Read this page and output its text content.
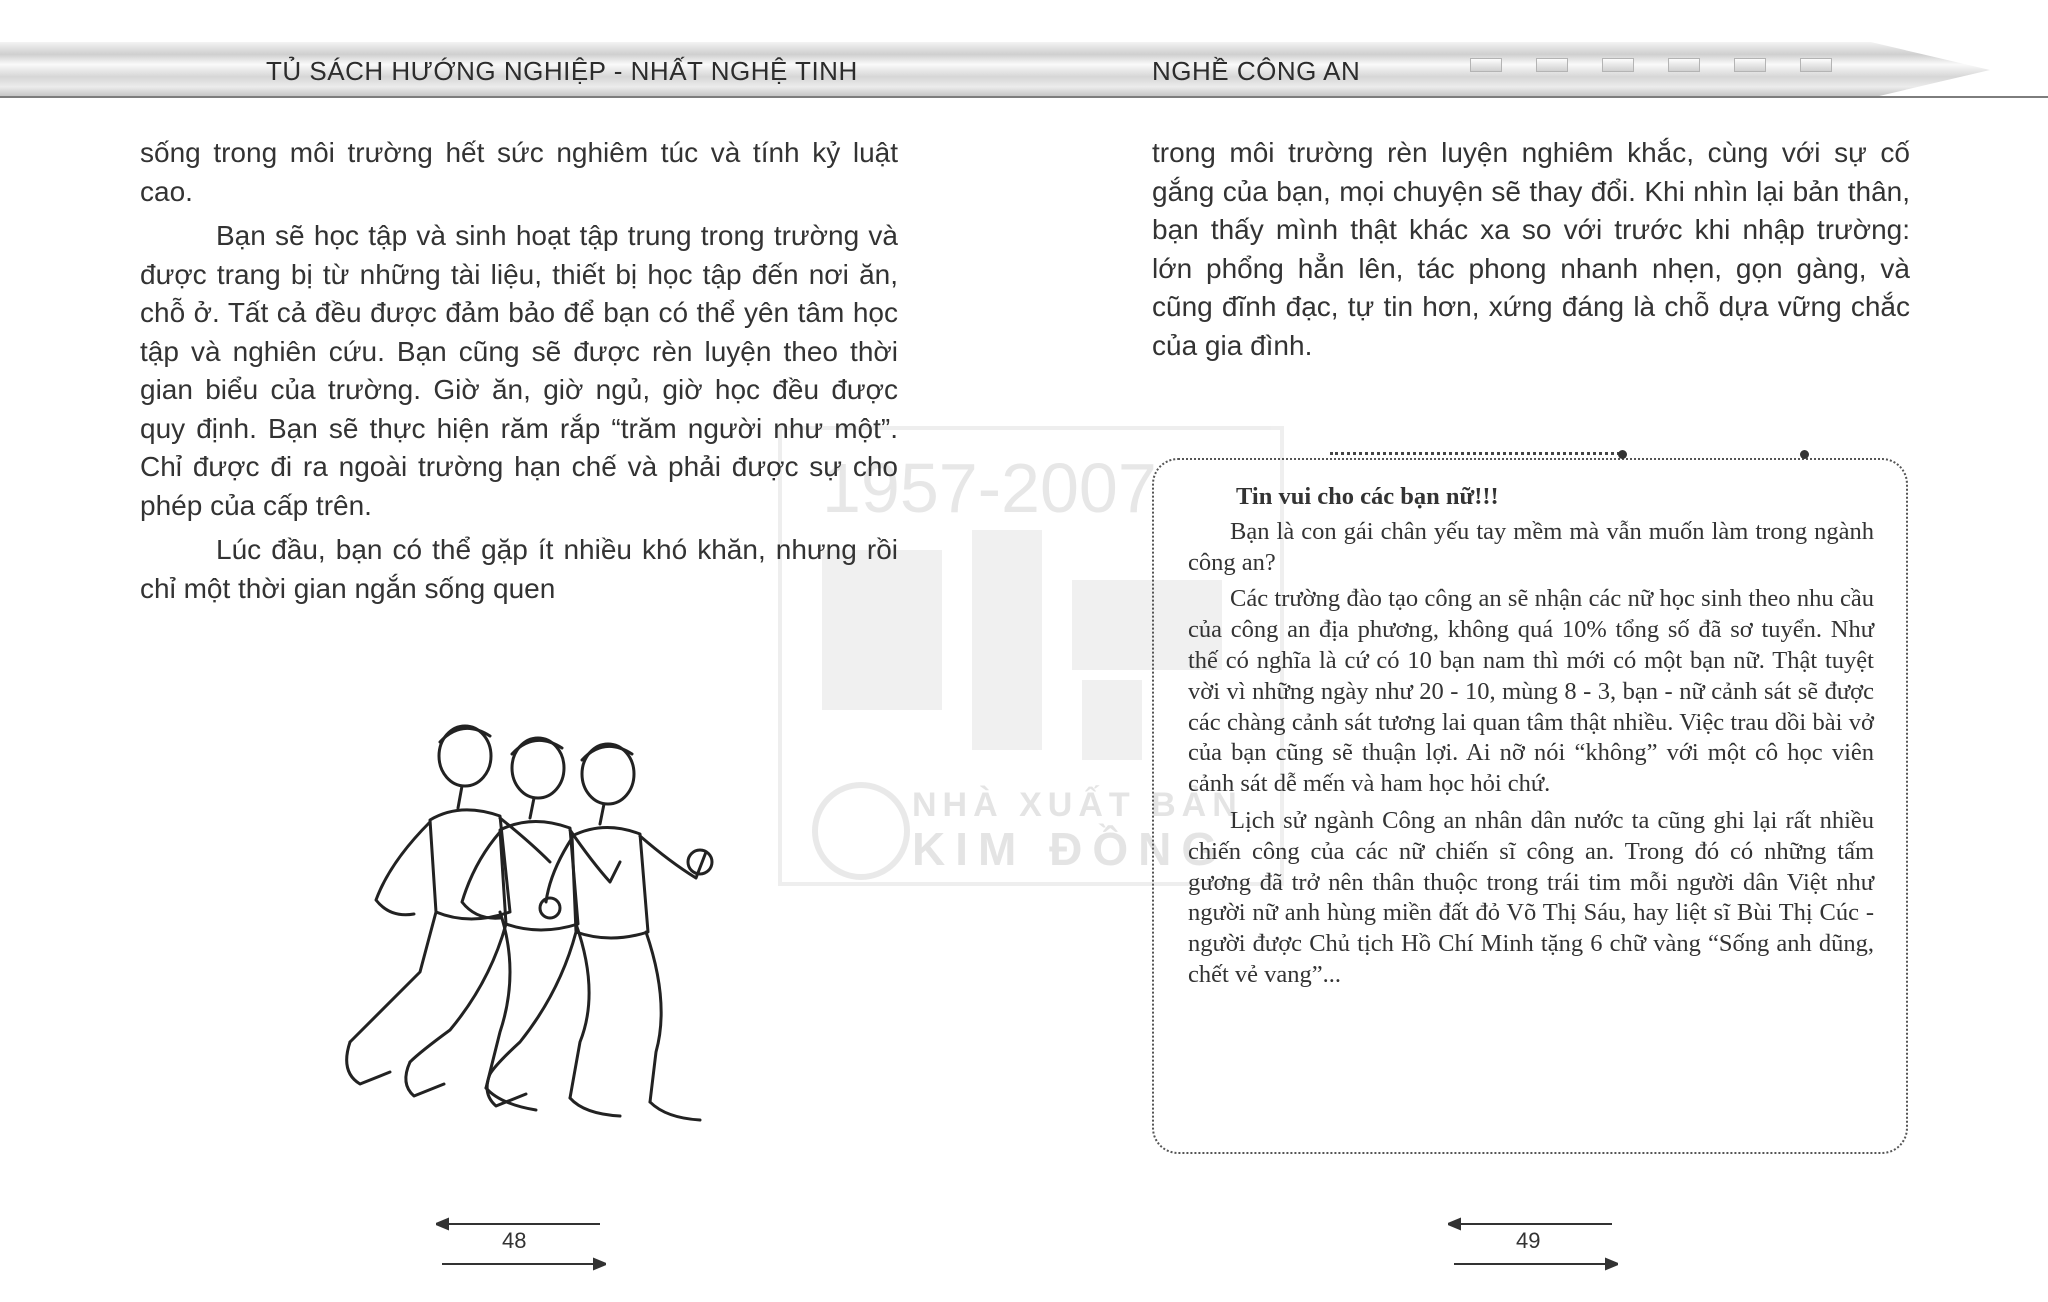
TỦ SÁCH HƯỚNG NGHIỆP - NHẤT NGHỆ TINH	NGHỀ CÔNG AN
1957-2007
NHÀ XUẤT BẢN
KIM ĐỒNG

sống trong môi trường hết sức nghiêm túc và tính kỷ luật cao.

Bạn sẽ học tập và sinh hoạt tập trung trong trường và được trang bị từ những tài liệu, thiết bị học tập đến nơi ăn, chỗ ở. Tất cả đều được đảm bảo để bạn có thể yên tâm học tập và nghiên cứu. Bạn cũng sẽ được rèn luyện theo thời gian biểu của trường. Giờ ăn, giờ ngủ, giờ học đều được quy định. Bạn sẽ thực hiện răm rắp “trăm người như một”. Chỉ được đi ra ngoài trường hạn chế và phải được sự cho phép của cấp trên.

Lúc đầu, bạn có thể gặp ít nhiều khó khăn, nhưng rồi chỉ một thời gian ngắn sống quen

trong môi trường rèn luyện nghiêm khắc, cùng với sự cố gắng của bạn, mọi chuyện sẽ thay đổi. Khi nhìn lại bản thân, bạn thấy mình thật khác xa so với trước khi nhập trường: lớn phổng hẳn lên, tác phong nhanh nhẹn, gọn gàng, và cũng đĩnh đạc, tự tin hơn, xứng đáng là chỗ dựa vững chắc của gia đình.

Tin vui cho các bạn nữ!!!

Bạn là con gái chân yếu tay mềm mà vẫn muốn làm trong ngành công an?

Các trường đào tạo công an sẽ nhận các nữ học sinh theo nhu cầu của công an địa phương, không quá 10% tổng số đã sơ tuyển. Như thế có nghĩa là cứ có 10 bạn nam thì mới có một bạn nữ. Thật tuyệt vời vì những ngày như 20 - 10, mùng 8 - 3, bạn - nữ cảnh sát sẽ được các chàng cảnh sát tương lai quan tâm thật nhiều. Việc trau dồi bài vở của bạn cũng sẽ thuận lợi. Ai nỡ nói “không” với một cô học viên cảnh sát dễ mến và ham học hỏi chứ.

Lịch sử ngành Công an nhân dân nước ta cũng ghi lại rất nhiều chiến công của các nữ chiến sĩ công an. Trong đó có những tấm gương đã trở nên thân thuộc trong trái tim mỗi người dân Việt như người nữ anh hùng miền đất đỏ Võ Thị Sáu, hay liệt sĩ Bùi Thị Cúc - người được Chủ tịch Hồ Chí Minh tặng 6 chữ vàng “Sống anh dũng, chết vẻ vang”...

48	49
